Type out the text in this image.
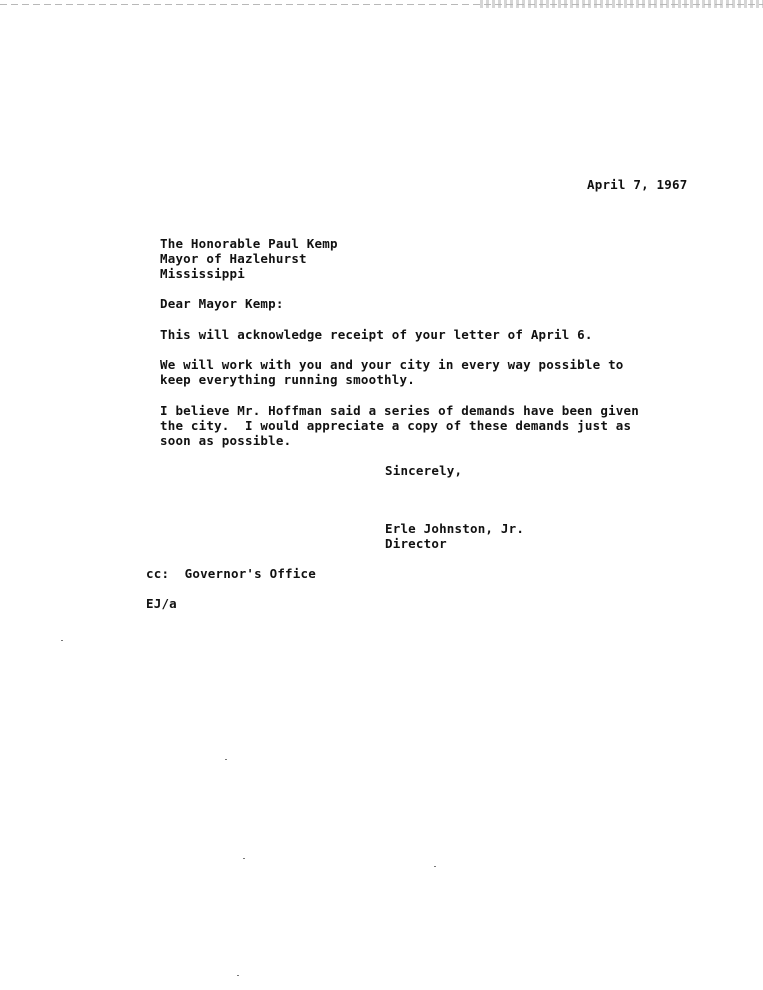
April 7, 1967
The Honorable Paul Kemp
Mayor of Hazlehurst
Mississippi
Dear Mayor Kemp:
This will acknowledge receipt of your letter of April 6.
We will work with you and your city in every way possible to
keep everything running smoothly.
I believe Mr. Hoffman said a series of demands have been given
the city.  I would appreciate a copy of these demands just as
soon as possible.
Sincerely,
Erle Johnston, Jr.
Director
cc:  Governor's Office
EJ/a
